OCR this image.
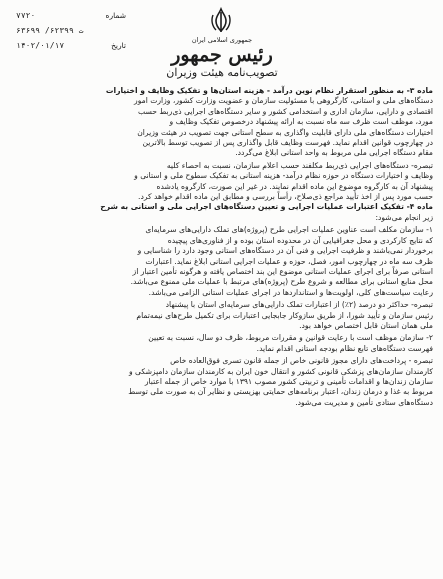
شماره
۷۷۲۰
۶۳۶۹۹ /ت ۶۲۳۹۹
تاریخ
۱۴۰۲/۰۱/۱۷
جمهوری اسلامی ایران
رئیس جمهور
تصویب‌نامه هیئت وزیران

ماده ۳- به منظور استقرار نظام نوین درآمد - هزینه استان‌ها و تفکیک وظایف و اختیارات

دستگاه‌های ملی و استانی، کارگروهی با مسئولیت سازمان و عضویت وزارت کشور، وزارت امور

اقتصادی و دارایی، سازمان اداری و استخدامی کشور و سایر دستگاه‌های اجرایی ذی‌ربط حسب

مورد، موظف است ظرف سه ماه نسبت به ارائه پیشنهاد درخصوص تفکیک وظایف و

اختیارات دستگاه‌های ملی دارای قابلیت واگذاری به سطح استانی جهت تصویب در هیئت وزیران

در چهارچوب قوانین اقدام نماید. فهرست وظایف قابل واگذاری پس از تصویب توسط بالاترین

مقام دستگاه اجرایی ملی مربوط به واحد استانی ابلاغ می‌گردد.

تبصره- دستگاه‌های اجرایی ذی‌ربط مکلفند حسب اعلام سازمان، نسبت به احصاء کلیه

وظایف و اختیارات دستگاه در حوزه نظام درآمد- هزینه استانی به تفکیک سطوح ملی و استانی و

پیشنهاد آن به کارگروه موضوع این ماده اقدام نمایند. در غیر این صورت، کارگروه یادشده

حسب مورد پس از اخذ تأیید مراجع ذی‌صلاح، رأساً بررسی و مطابق این ماده اقدام خواهد کرد.

ماده ۴- تفکیک اعتبارات عملیات اجرایی و تعیین دستگاه‌های اجرایی ملی و استانی به شرح

زیر انجام می‌شود:

۱- سازمان مکلف است عناوین عملیات اجرایی طرح (پروژه)های تملک دارایی‌های سرمایه‌ای

که نتایج کارکردی و محل جغرافیایی آن در محدوده استان بوده و از فناوری‌های پیچیده

برخوردار نمی‌باشند و ظرفیت اجرایی و فنی آن در دستگاه‌های استانی وجود دارد را شناسایی و

ظرف سه ماه در چهارچوب امور، فصل، حوزه و عملیات اجرایی استانی ابلاغ نماید. اعتبارات

استانی صرفاً برای اجرای عملیات استانی موضوع این بند اختصاص یافته و هرگونه تأمین اعتبار از

محل منابع استانی برای مطالعه و شروع طرح (پروژه)های مرتبط با عملیات ملی ممنوع می‌باشد.

رعایت سیاست‌های کلی، اولویت‌ها و استانداردها در اجرای عملیات استانی الزامی می‌باشد.

تبصره- حداکثر دو درصد (۲٪) از اعتبارات تملک دارایی‌های سرمایه‌ای استان با پیشنهاد

رئیس سازمان و تأیید شورا، از طریق سازوکار جابجایی اعتبارات برای تکمیل طرح‌های نیمه‌تمام

ملی همان استان قابل اختصاص خواهد بود.

۲- سازمان موظف است با رعایت قوانین و مقررات مربوط، ظرف دو سال، نسبت به تعیین

فهرست دستگاه‌های تابع نظام بودجه استانی اقدام نماید.

تبصره - پرداخت‌های دارای مجوز قانونی خاص از جمله قانون تسری فوق‌العاده خاص

کارمندان سازمان‌های پزشکی قانونی کشور و انتقال خون ایران به کارمندان سازمان دامپزشکی و

سازمان زندان‌ها و اقدامات تأمینی و تربیتی کشور مصوب ۱۳۹۱ با موارد خاص از جمله اعتبار

مربوط به غذا و درمان زندان، اعتبار برنامه‌های حمایتی بهزیستی و نظایر آن به صورت ملی توسط

دستگاه‌های ستادی تأمین و مدیریت می‌شود.
